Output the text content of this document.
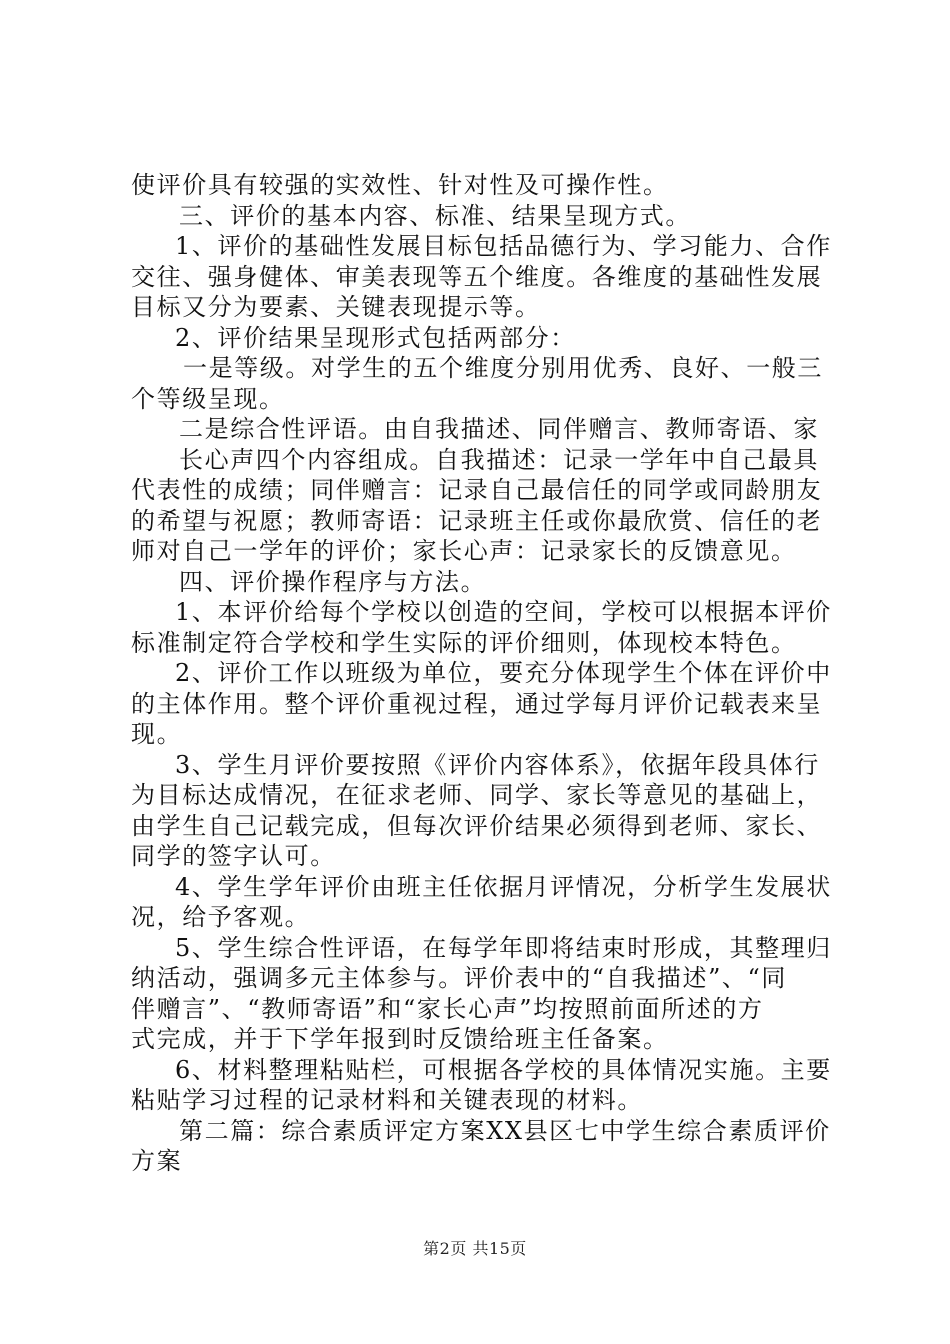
使评价具有较强的实效性、针对性及可操作性。
三、评价的基本内容、标准、结果呈现方式。
1、评价的基础性发展目标包括品德行为、学习能力、合作
交往、强身健体、审美表现等五个维度。各维度的基础性发展
目标又分为要素、关键表现提示等。
2、评价结果呈现形式包括两部分：
一是等级。对学生的五个维度分别用优秀、良好、一般三
个等级呈现。
二是综合性评语。由自我描述、同伴赠言、教师寄语、家
长心声四个内容组成。自我描述：记录一学年中自己最具
代表性的成绩；同伴赠言：记录自己最信任的同学或同龄朋友
的希望与祝愿；教师寄语：记录班主任或你最欣赏、信任的老
师对自己一学年的评价；家长心声：记录家长的反馈意见。
四、评价操作程序与方法。
1、本评价给每个学校以创造的空间，学校可以根据本评价
标准制定符合学校和学生实际的评价细则，体现校本特色。
2、评价工作以班级为单位，要充分体现学生个体在评价中
的主体作用。整个评价重视过程，通过学每月评价记载表来呈
现。
3、学生月评价要按照《评价内容体系》，依据年段具体行
为目标达成情况，在征求老师、同学、家长等意见的基础上，
由学生自己记载完成，但每次评价结果必须得到老师、家长、
同学的签字认可。
4、学生学年评价由班主任依据月评情况，分析学生发展状
况，给予客观。
5、学生综合性评语，在每学年即将结束时形成，其整理归
纳活动，强调多元主体参与。评价表中的“自我描述”、“同
伴赠言”、“教师寄语”和“家长心声”均按照前面所述的方
式完成，并于下学年报到时反馈给班主任备案。
6、材料整理粘贴栏，可根据各学校的具体情况实施。主要
粘贴学习过程的记录材料和关键表现的材料。
第二篇：综合素质评定方案XX县区七中学生综合素质评价
方案
第2页 共15页
